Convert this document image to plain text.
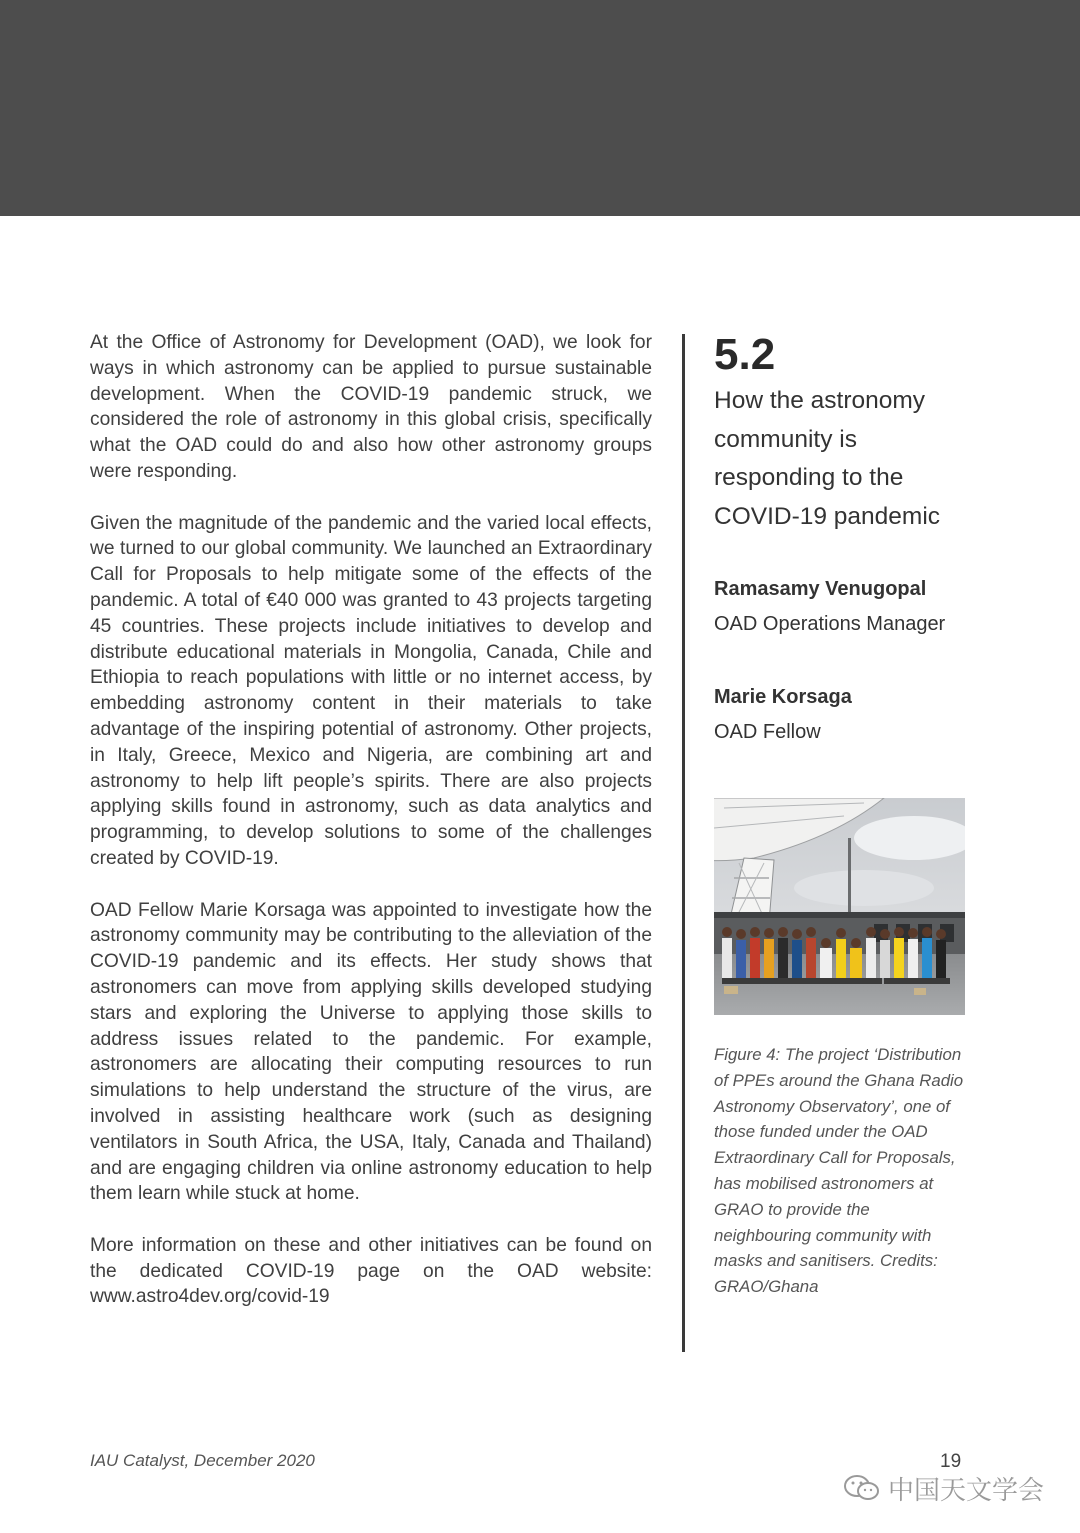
At the Office of Astronomy for Development (OAD), we look for ways in which astronomy can be applied to pursue sustainable development. When the COVID-19 pandemic struck, we considered the role of astronomy in this global crisis, specifically what the OAD could do and also how other astronomy groups were responding.

Given the magnitude of the pandemic and the varied local effects, we turned to our global community. We launched an Extraordinary Call for Proposals to help mitigate some of the effects of the pandemic. A total of €40 000 was granted to 43 projects targeting 45 countries. These projects include initiatives to develop and distribute educational materials in Mongolia, Canada, Chile and Ethiopia to reach populations with little or no internet access, by embedding astronomy content in their materials to take advantage of the inspiring potential of astronomy. Other projects, in Italy, Greece, Mexico and Nigeria, are combining art and astronomy to help lift people’s spirits. There are also projects applying skills found in astronomy, such as data analytics and programming, to develop solutions to some of the challenges created by COVID-19.

OAD Fellow Marie Korsaga was appointed to investigate how the astronomy community may be contributing to the alleviation of the COVID-19 pandemic and its effects. Her study shows that astronomers can move from applying skills developed studying stars and exploring the Universe to applying those skills to address issues related to the pandemic. For example, astronomers are allocating their computing resources to run simulations to help understand the structure of the virus, are involved in assisting healthcare work (such as designing ventilators in South Africa, the USA, Italy, Canada and Thailand) and are engaging children via online astronomy education to help them learn while stuck at home.

More information on these and other initiatives can be found on the dedicated COVID-19 page on the OAD website: www.astro4dev.org/covid-19

5.2
How the astronomy community is responding to the COVID-19 pandemic
Ramasamy Venugopal
OAD Operations Manager
Marie Korsaga
OAD Fellow
Figure 4: The project ‘Distribution of PPEs around the Ghana Radio Astronomy Observatory’, one of those funded under the OAD Extraordinary Call for Proposals, has mobilised astronomers at GRAO to provide the neighbouring community with masks and sanitisers. Credits: GRAO/Ghana
IAU Catalyst, December 2020	19
中国天文学会
